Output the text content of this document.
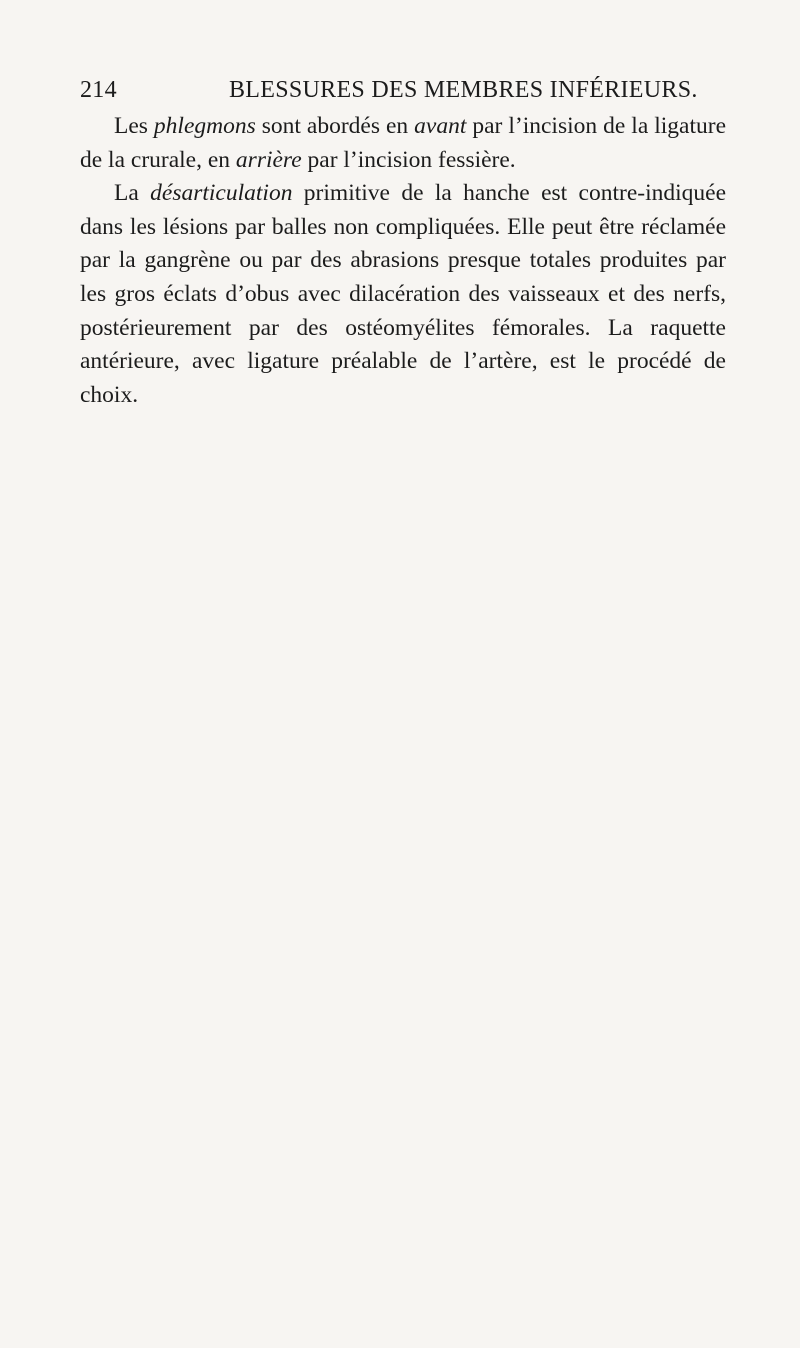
214	BLESSURES DES MEMBRES INFÉRIEURS.

Les phlegmons sont abordés en avant par l’incision de la ligature de la crurale, en arrière par l’incision fessière.

La désarticulation primitive de la hanche est contre-indiquée dans les lésions par balles non compliquées. Elle peut être réclamée par la gangrène ou par des abrasions presque totales produites par les gros éclats d’obus avec dilacération des vaisseaux et des nerfs, postérieurement par des ostéomyélites fémorales. La raquette antérieure, avec ligature préalable de l’artère, est le procédé de choix.
